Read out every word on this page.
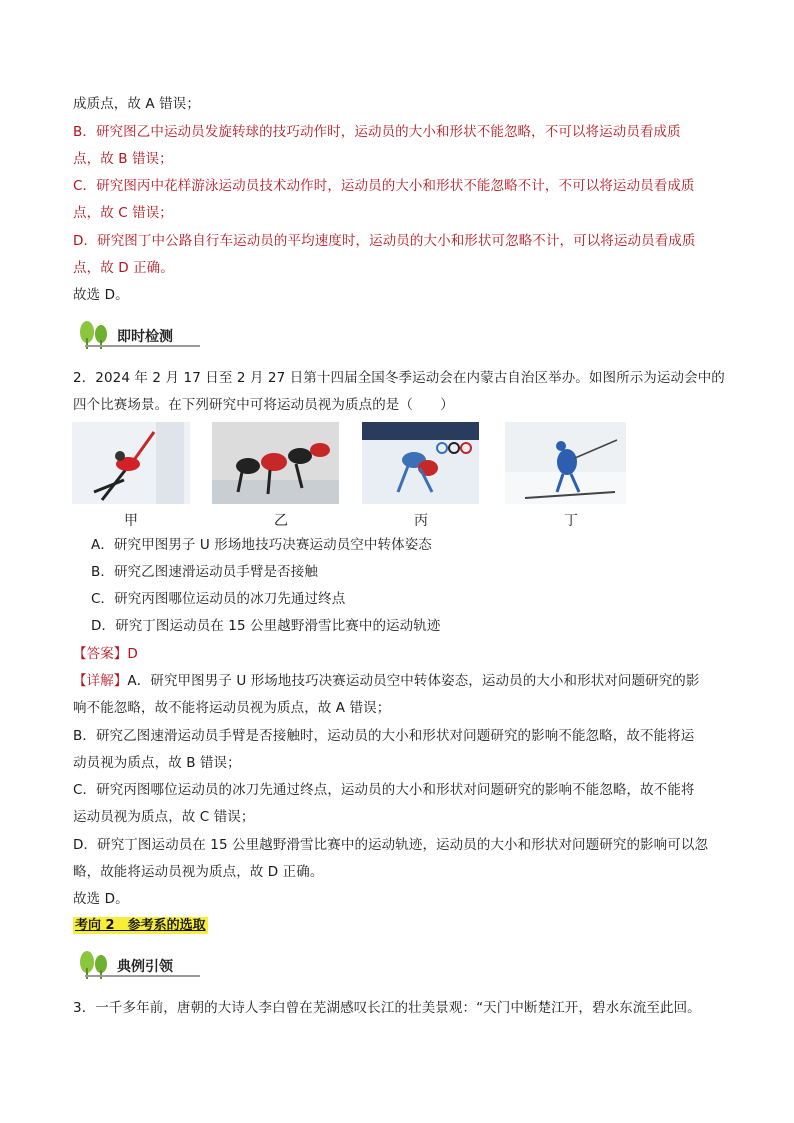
成质点，故 A 错误；
B．研究图乙中运动员发旋转球的技巧动作时，运动员的大小和形状不能忽略，不可以将运动员看成质
点，故 B 错误；
C．研究图丙中花样游泳运动员技术动作时，运动员的大小和形状不能忽略不计，不可以将运动员看成质
点，故 C 错误；
D．研究图丁中公路自行车运动员的平均速度时，运动员的大小和形状可忽略不计，可以将运动员看成质
点，故 D 正确。
故选 D。
即时检测
2．2024 年 2 月 17 日至 2 月 27 日第十四届全国冬季运动会在内蒙古自治区举办。如图所示为运动会中的
四个比赛场景。在下列研究中可将运动员视为质点的是（　　）
甲	乙	丙	丁
A．研究甲图男子 U 形场地技巧决赛运动员空中转体姿态
B．研究乙图速滑运动员手臂是否接触
C．研究丙图哪位运动员的冰刀先通过终点
D．研究丁图运动员在 15 公里越野滑雪比赛中的运动轨迹
【答案】D
【详解】A．研究甲图男子 U 形场地技巧决赛运动员空中转体姿态，运动员的大小和形状对问题研究的影
响不能忽略，故不能将运动员视为质点，故 A 错误；
B．研究乙图速滑运动员手臂是否接触时，运动员的大小和形状对问题研究的影响不能忽略，故不能将运
动员视为质点，故 B 错误；
C．研究丙图哪位运动员的冰刀先通过终点，运动员的大小和形状对问题研究的影响不能忽略，故不能将
运动员视为质点，故 C 错误；
D．研究丁图运动员在 15 公里越野滑雪比赛中的运动轨迹，运动员的大小和形状对问题研究的影响可以忽
略，故能将运动员视为质点，故 D 正确。
故选 D。
考向 2　参考系的选取
典例引领
3．一千多年前，唐朝的大诗人李白曾在芜湖感叹长江的壮美景观：“天门中断楚江开，碧水东流至此回。
